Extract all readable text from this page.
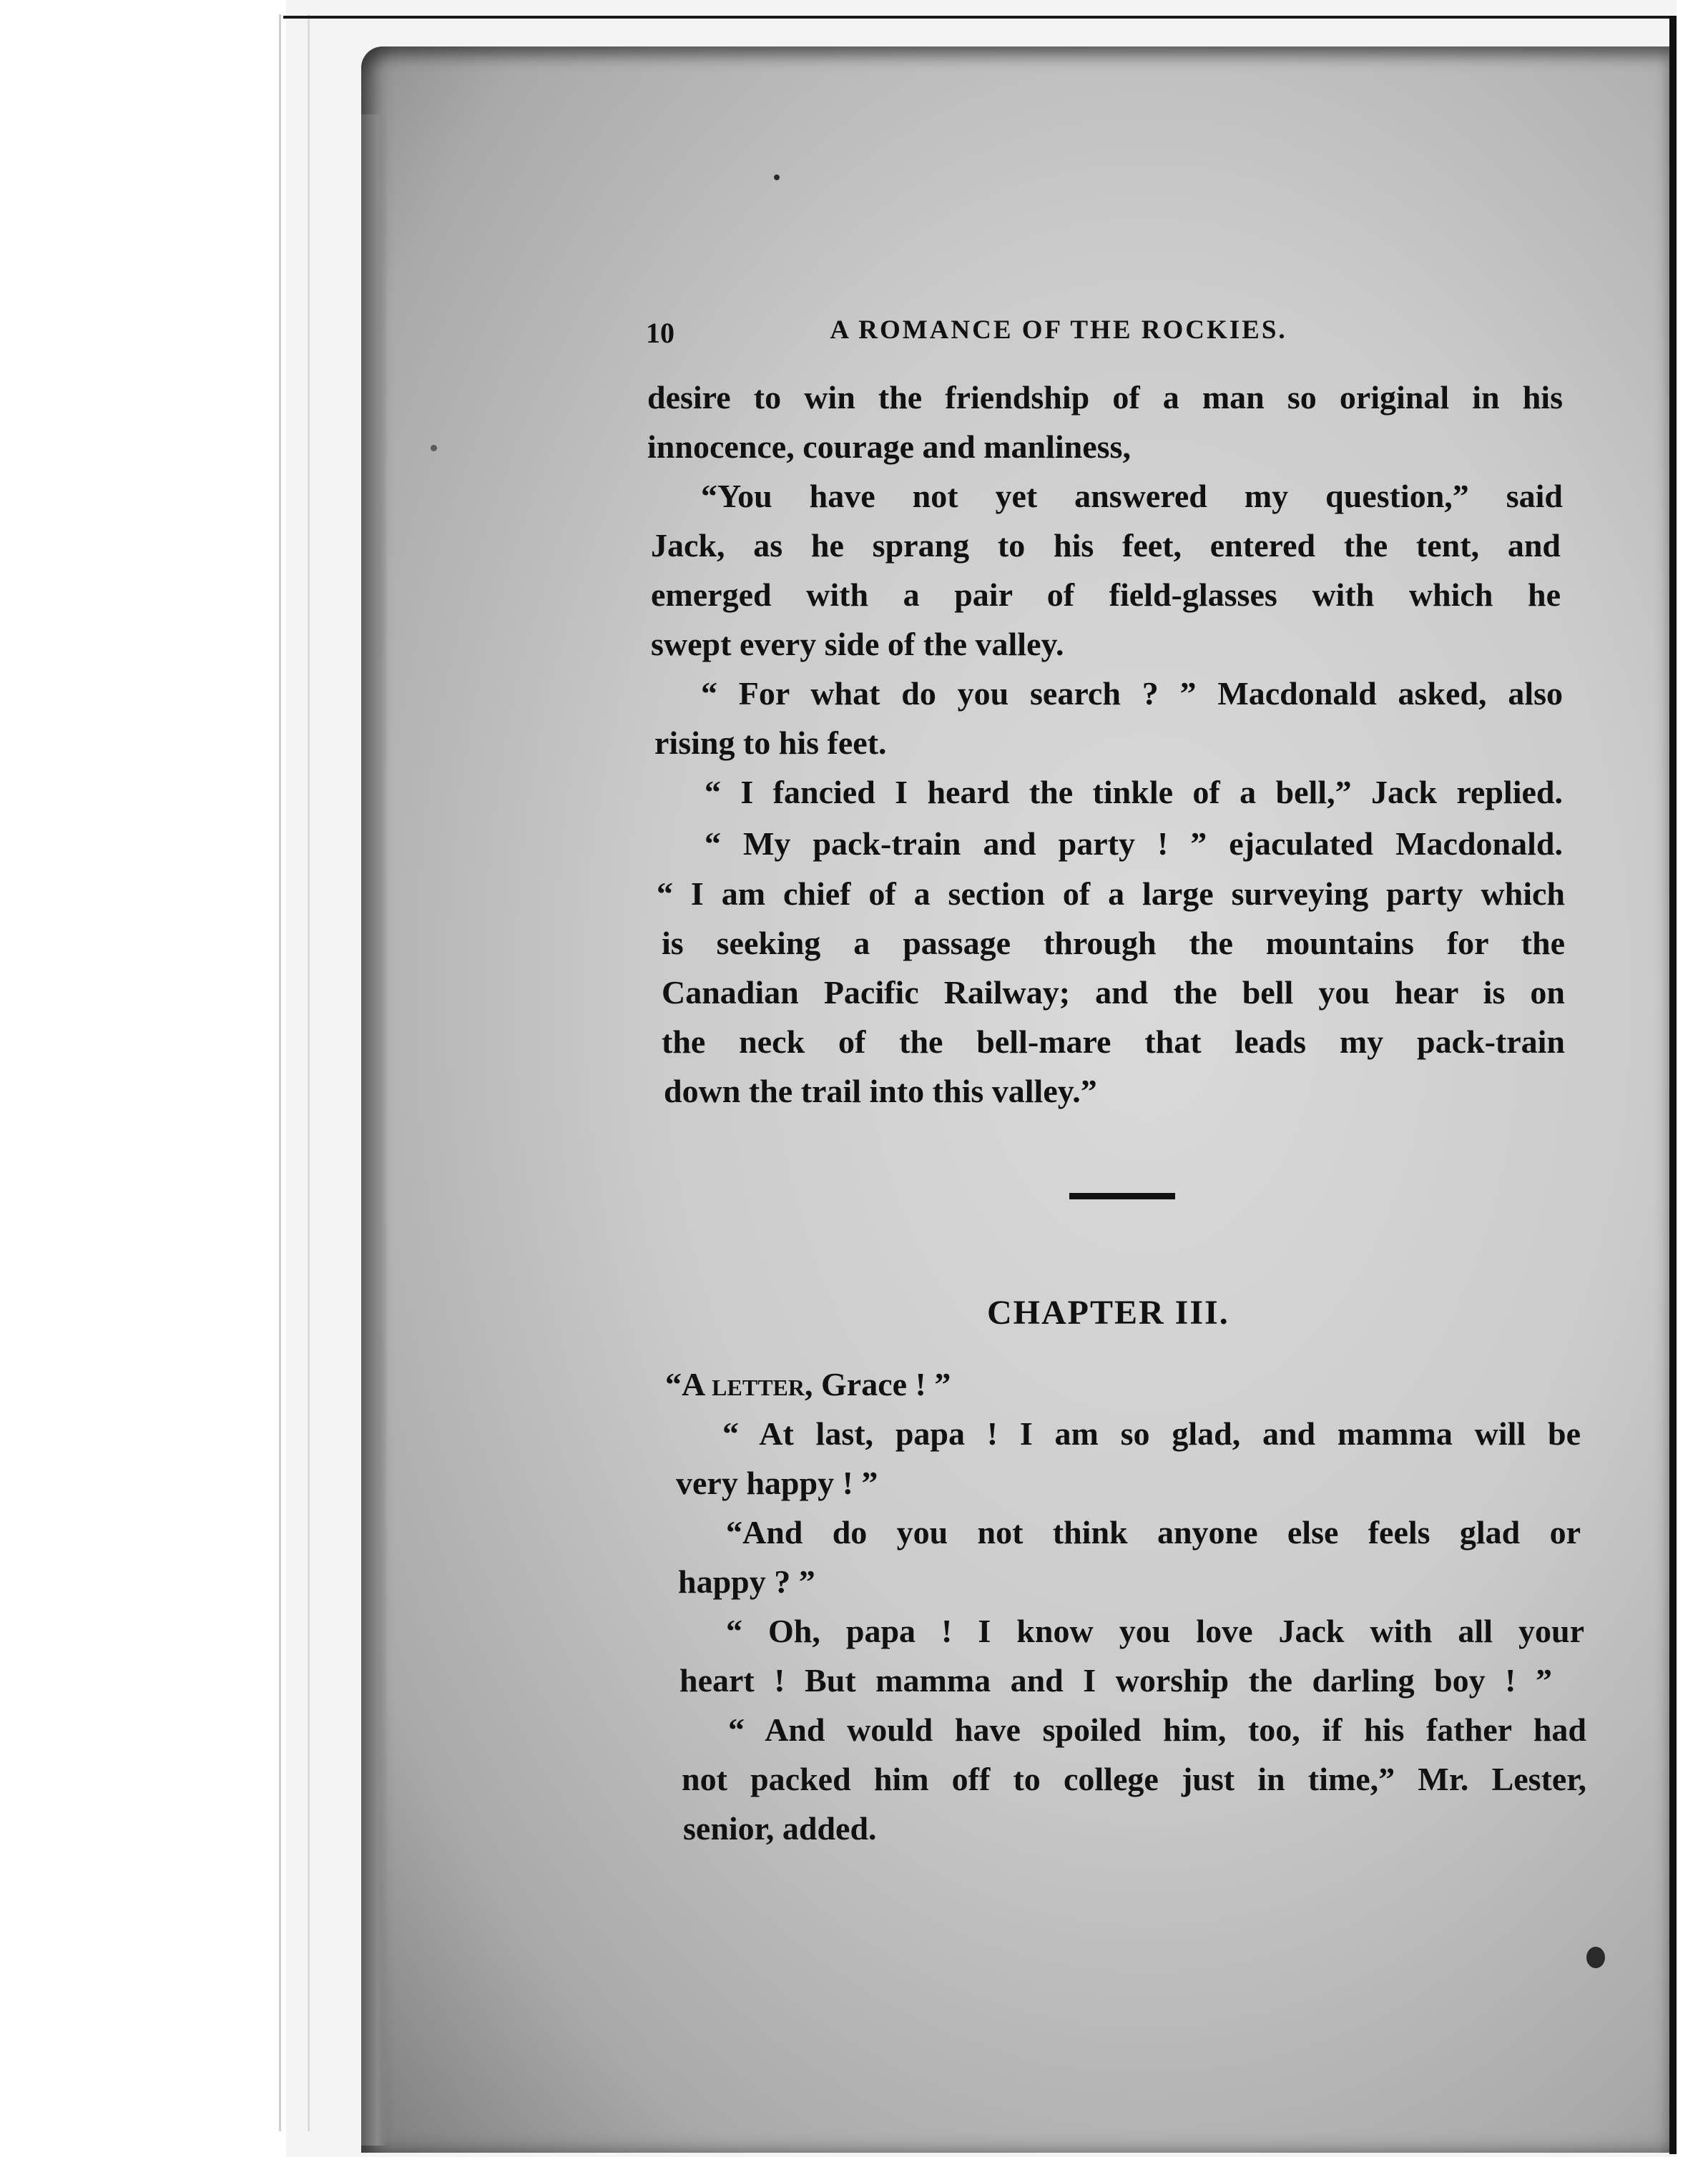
10	A ROMANCE OF THE ROCKIES.
desire to win the friendship of a man so original in his
innocence, courage and manliness,
“You have not yet answered my question,” said
Jack, as he sprang to his feet, entered the tent, and
emerged with a pair of field-glasses with which he
swept every side of the valley.
“ For what do you search ? ” Macdonald asked, also
rising to his feet.
“ I fancied I heard the tinkle of a bell,” Jack replied.
“ My pack-train and party ! ” ejaculated Macdonald.
“ I am chief of a section of a large surveying party which
is seeking a passage through the mountains for the
Canadian Pacific Railway; and the bell you hear is on
the neck of the bell-mare that leads my pack-train
down the trail into this valley.”
CHAPTER III.
“A letter, Grace ! ”
“ At last, papa ! I am so glad, and mamma will be
very happy ! ”
“And do you not think anyone else feels glad or
happy ? ”
“ Oh, papa ! I know you love Jack with all your
heart ! But mamma and I worship the darling boy ! ”
“ And would have spoiled him, too, if his father had
not packed him off to college just in time,” Mr. Lester,
senior, added.
